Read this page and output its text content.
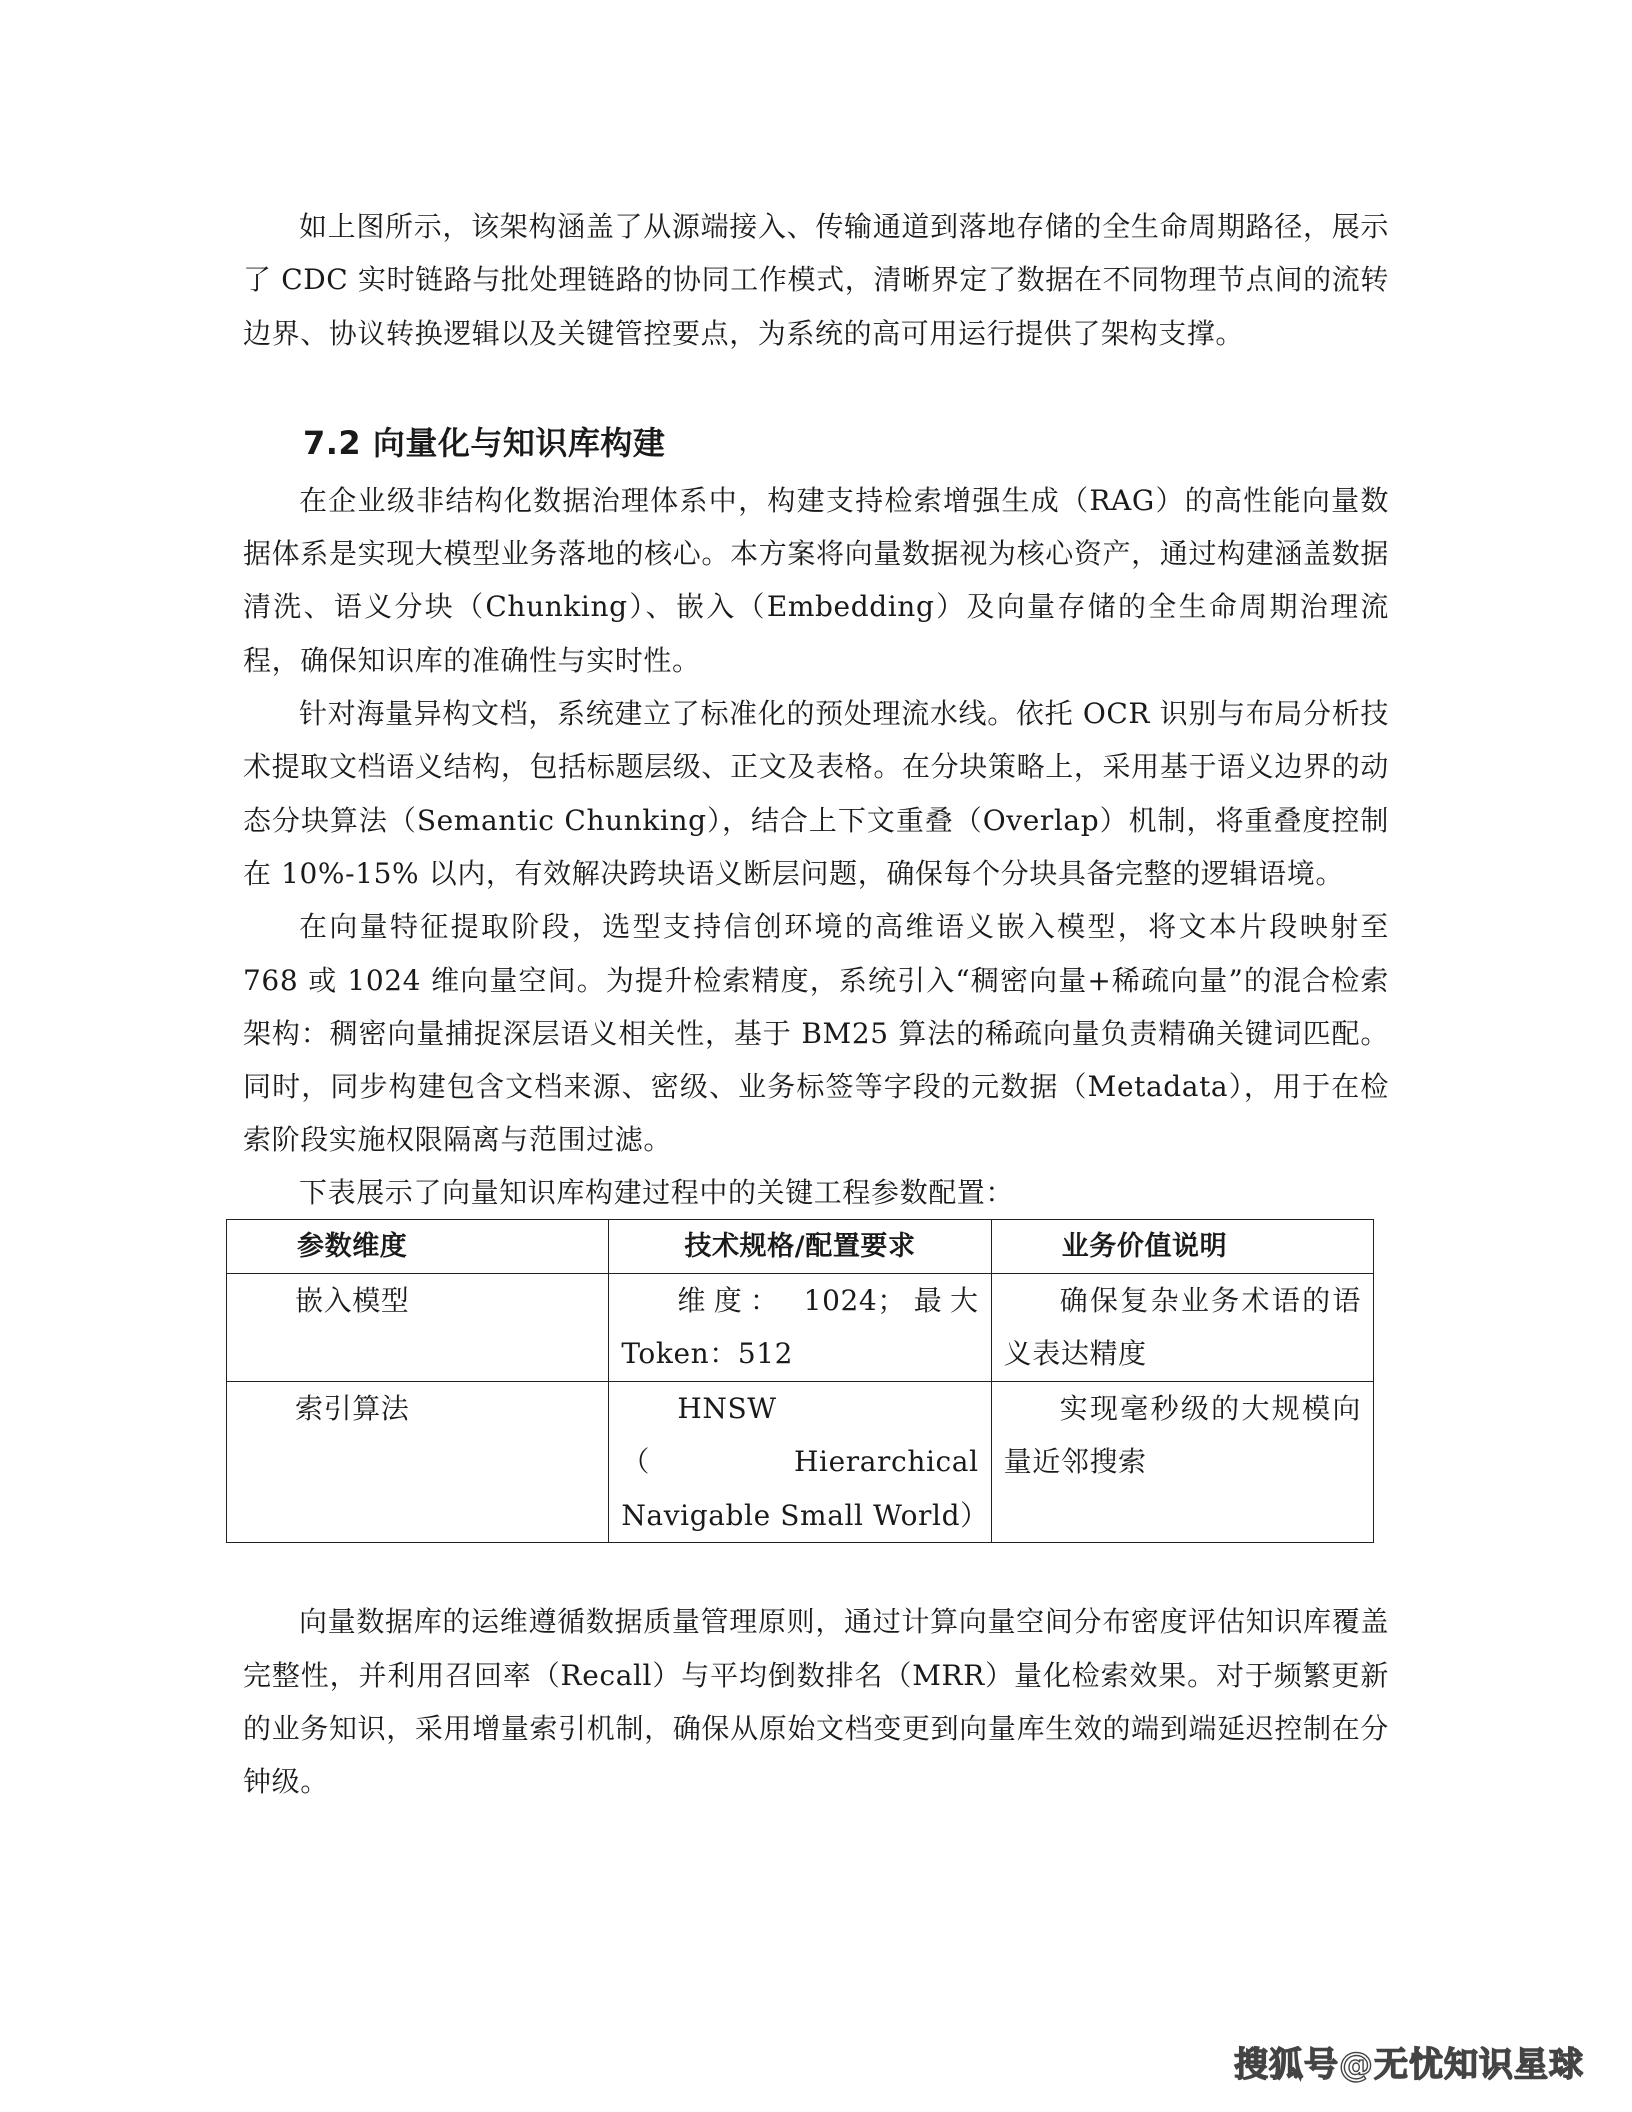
如上图所示，该架构涵盖了从源端接入、传输通道到落地存储的全生命周期路径，展示了 CDC 实时链路与批处理链路的协同工作模式，清晰界定了数据在不同物理节点间的流转边界、协议转换逻辑以及关键管控要点，为系统的高可用运行提供了架构支撑。

7.2 向量化与知识库构建

在企业级非结构化数据治理体系中，构建支持检索增强生成（RAG）的高性能向量数据体系是实现大模型业务落地的核心。本方案将向量数据视为核心资产，通过构建涵盖数据清洗、语义分块（Chunking）、嵌入（Embedding）及向量存储的全生命周期治理流程，确保知识库的准确性与实时性。

针对海量异构文档，系统建立了标准化的预处理流水线。依托 OCR 识别与布局分析技术提取文档语义结构，包括标题层级、正文及表格。在分块策略上，采用基于语义边界的动态分块算法（Semantic Chunking），结合上下文重叠（Overlap）机制，将重叠度控制在 10%-15% 以内，有效解决跨块语义断层问题，确保每个分块具备完整的逻辑语境。

在向量特征提取阶段，选型支持信创环境的高维语义嵌入模型，将文本片段映射至 768 或 1024 维向量空间。为提升检索精度，系统引入“稠密向量+稀疏向量”的混合检索架构：稠密向量捕捉深层语义相关性，基于 BM25 算法的稀疏向量负责精确关键词匹配。同时，同步构建包含文档来源、密级、业务标签等字段的元数据（Metadata），用于在检索阶段实施权限隔离与范围过滤。

下表展示了向量知识库构建过程中的关键工程参数配置：

参数维度	技术规格/配置要求	业务价值说明
嵌入模型	维度： 1024；最大 Token：512	确保复杂业务术语的语义表达精度
索引算法	HNSW （Hierarchical Navigable Small World）	实现毫秒级的大规模向量近邻搜索

向量数据库的运维遵循数据质量管理原则，通过计算向量空间分布密度评估知识库覆盖完整性，并利用召回率（Recall）与平均倒数排名（MRR）量化检索效果。对于频繁更新的业务知识，采用增量索引机制，确保从原始文档变更到向量库生效的端到端延迟控制在分钟级。

搜狐号@无忧知识星球
